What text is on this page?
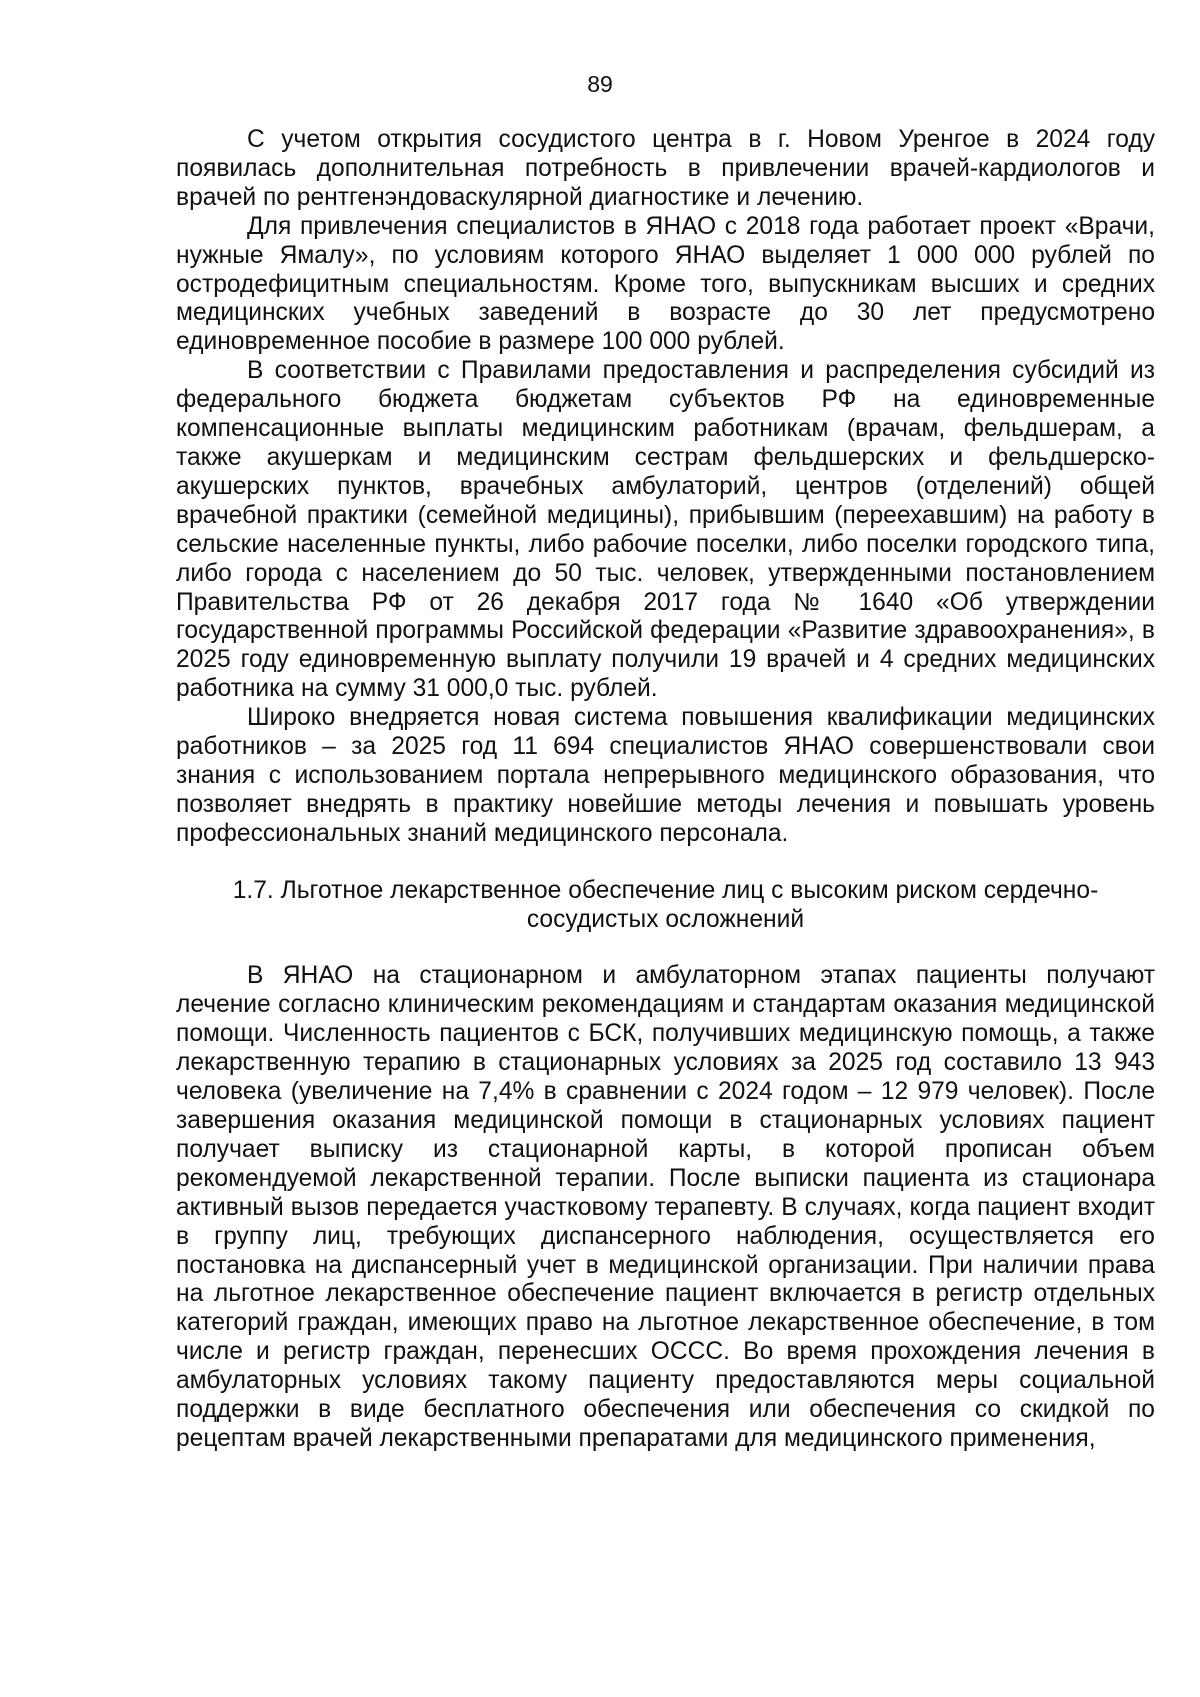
89

С учетом открытия сосудистого центра в г. Новом Уренгое в 2024 году появилась дополнительная потребность в привлечении врачей-кардиологов и врачей по рентгенэндоваскулярной диагностике и лечению.

Для привлечения специалистов в ЯНАО с 2018 года работает проект «Врачи, нужные Ямалу», по условиям которого ЯНАО выделяет 1 000 000 рублей по остродефицитным специальностям. Кроме того, выпускникам высших и средних медицинских учебных заведений в возрасте до 30 лет предусмотрено единовременное пособие в размере 100 000 рублей.

В соответствии с Правилами предоставления и распределения субсидий из федерального бюджета бюджетам субъектов РФ на единовременные компенсационные выплаты медицинским работникам (врачам, фельдшерам, а также акушеркам и медицинским сестрам фельдшерских и фельдшерско-акушерских пунктов, врачебных амбулаторий, центров (отделений) общей врачебной практики (семейной медицины), прибывшим (переехавшим) на работу в сельские населенные пункты, либо рабочие поселки, либо поселки городского типа, либо города с населением до 50 тыс. человек, утвержденными постановлением Правительства РФ от 26 декабря 2017 года № 1640 «Об утверждении государственной программы Российской федерации «Развитие здравоохранения», в 2025 году единовременную выплату получили 19 врачей и 4 средних медицинских работника на сумму 31 000,0 тыс. рублей.

Широко внедряется новая система повышения квалификации медицинских работников – за 2025 год 11 694 специалистов ЯНАО совершенствовали свои знания с использованием портала непрерывного медицинского образования, что позволяет внедрять в практику новейшие методы лечения и повышать уровень профессиональных знаний медицинского персонала.

1.7. Льготное лекарственное обеспечение лиц с высоким риском сердечно-
сосудистых осложнений

В ЯНАО на стационарном и амбулаторном этапах пациенты получают лечение согласно клиническим рекомендациям и стандартам оказания медицинской помощи. Численность пациентов с БСК, получивших медицинскую помощь, а также лекарственную терапию в стационарных условиях за 2025 год составило 13 943 человека (увеличение на 7,4% в сравнении с 2024 годом – 12 979 человек). После завершения оказания медицинской помощи в стационарных условиях пациент получает выписку из стационарной карты, в которой прописан объем рекомендуемой лекарственной терапии. После выписки пациента из стационара активный вызов передается участковому терапевту. В случаях, когда пациент входит в группу лиц, требующих диспансерного наблюдения, осуществляется его постановка на диспансерный учет в медицинской организации. При наличии права на льготное лекарственное обеспечение пациент включается в регистр отдельных категорий граждан, имеющих право на льготное лекарственное обеспечение, в том числе и регистр граждан, перенесших ОССС. Во время прохождения лечения в амбулаторных условиях такому пациенту предоставляются меры социальной поддержки в виде бесплатного обеспечения или обеспечения со скидкой по рецептам врачей лекарственными препаратами для медицинского применения,
